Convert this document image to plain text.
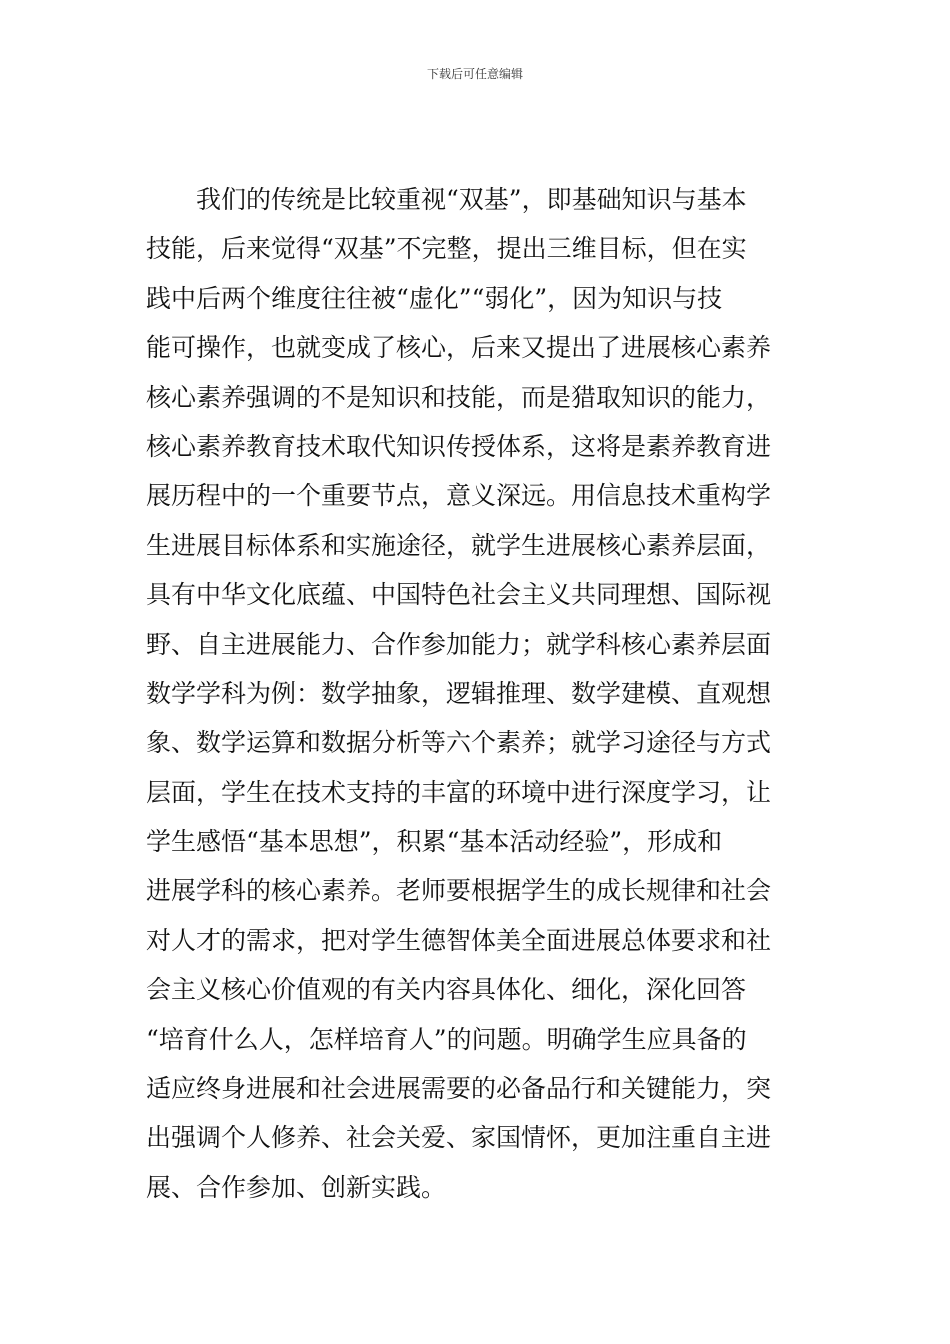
下载后可任意编辑
我们的传统是比较重视“双基”，即基础知识与基本
技能，后来觉得“双基”不完整，提出三维目标，但在实
践中后两个维度往往被“虚化”“弱化”，因为知识与技
能可操作，也就变成了核心，后来又提出了进展核心素养
核心素养强调的不是知识和技能，而是猎取知识的能力，
核心素养教育技术取代知识传授体系，这将是素养教育进
展历程中的一个重要节点，意义深远。用信息技术重构学
生进展目标体系和实施途径，就学生进展核心素养层面，
具有中华文化底蕴、中国特色社会主义共同理想、国际视
野、自主进展能力、合作参加能力；就学科核心素养层面
数学学科为例：数学抽象，逻辑推理、数学建模、直观想
象、数学运算和数据分析等六个素养；就学习途径与方式
层面，学生在技术支持的丰富的环境中进行深度学习，让
学生感悟“基本思想”，积累“基本活动经验”，形成和
进展学科的核心素养。老师要根据学生的成长规律和社会
对人才的需求，把对学生德智体美全面进展总体要求和社
会主义核心价值观的有关内容具体化、细化，深化回答
“培育什么人，怎样培育人”的问题。明确学生应具备的
适应终身进展和社会进展需要的必备品行和关键能力，突
出强调个人修养、社会关爱、家国情怀，更加注重自主进
展、合作参加、创新实践。
